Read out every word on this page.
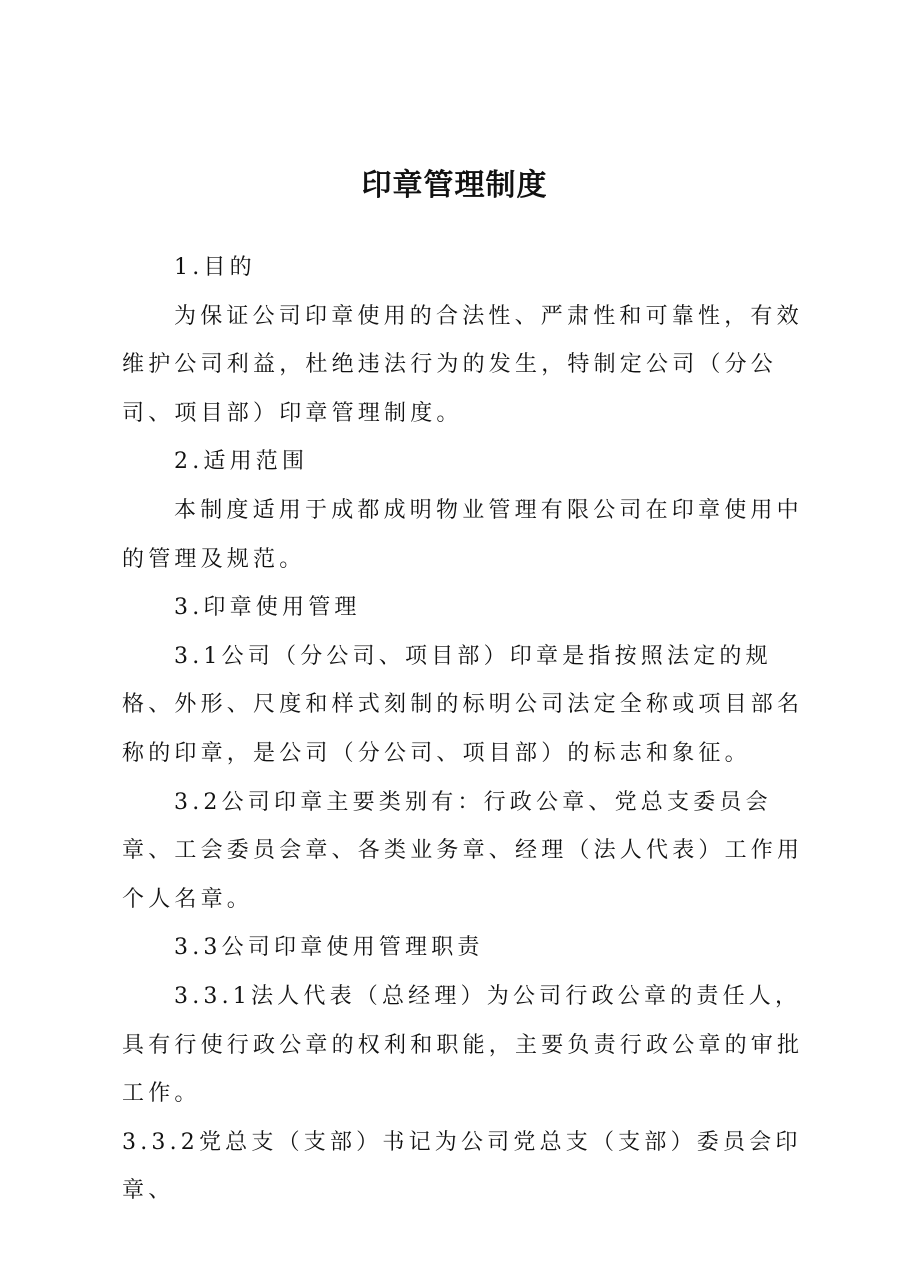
印章管理制度

1.目的

为保证公司印章使用的合法性、严肃性和可靠性，有效维护公司利益，杜绝违法行为的发生，特制定公司（分公司、项目部）印章管理制度。

2.适用范围

本制度适用于成都成明物业管理有限公司在印章使用中的管理及规范。

3.印章使用管理

3.1公司（分公司、项目部）印章是指按照法定的规格、外形、尺度和样式刻制的标明公司法定全称或项目部名称的印章，是公司（分公司、项目部）的标志和象征。

3.2公司印章主要类别有：行政公章、党总支委员会章、工会委员会章、各类业务章、经理（法人代表）工作用个人名章。

3.3公司印章使用管理职责

3.3.1法人代表（总经理）为公司行政公章的责任人，具有行使行政公章的权利和职能，主要负责行政公章的审批工作。

3.3.2党总支（支部）书记为公司党总支（支部）委员会印章、
